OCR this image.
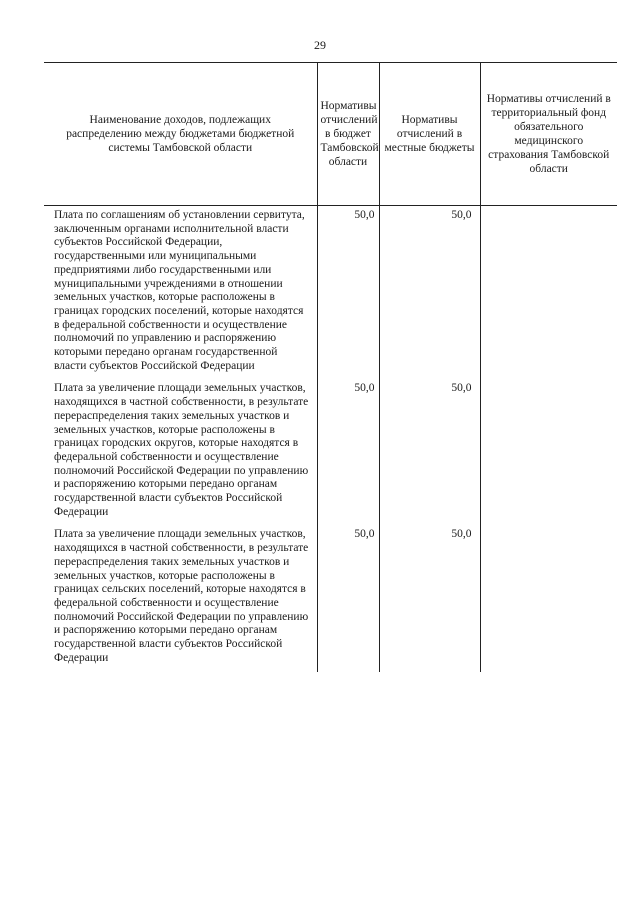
29
Наименование доходов, подлежащих распределению между бюджетами бюджетной системы Тамбовской области	Нормативы отчислений в бюджет Тамбовской области	Нормативы отчислений в местные бюджеты	Нормативы отчислений в территориальный фонд обязательного медицинского страхования Тамбовской области
Плата по соглашениям об установлении сервитута, заключенным органами исполнительной власти субъектов Российской Федерации, государственными или муниципальными предприятиями либо государственными или муниципальными учреждениями в отношении земельных участков, которые расположены в границах городских поселений, которые находятся в федеральной собственности и осуществление полномочий по управлению и распоряжению которыми передано органам государственной власти субъектов Российской Федерации	50,0	50,0	
Плата за увеличение площади земельных участков, находящихся в частной собственности, в результате перераспределения таких земельных участков и земельных участков, которые расположены в границах городских округов, которые находятся в федеральной собственности и осуществление полномочий Российской Федерации по управлению и распоряжению которыми передано органам государственной власти субъектов Российской Федерации	50,0	50,0	
Плата за увеличение площади земельных участков, находящихся в частной собственности, в результате перераспределения таких земельных участков и земельных участков, которые расположены в границах сельских поселений, которые находятся в федеральной собственности и осуществление полномочий Российской Федерации по управлению и распоряжению которыми передано органам государственной власти субъектов Российской Федерации	50,0	50,0	
